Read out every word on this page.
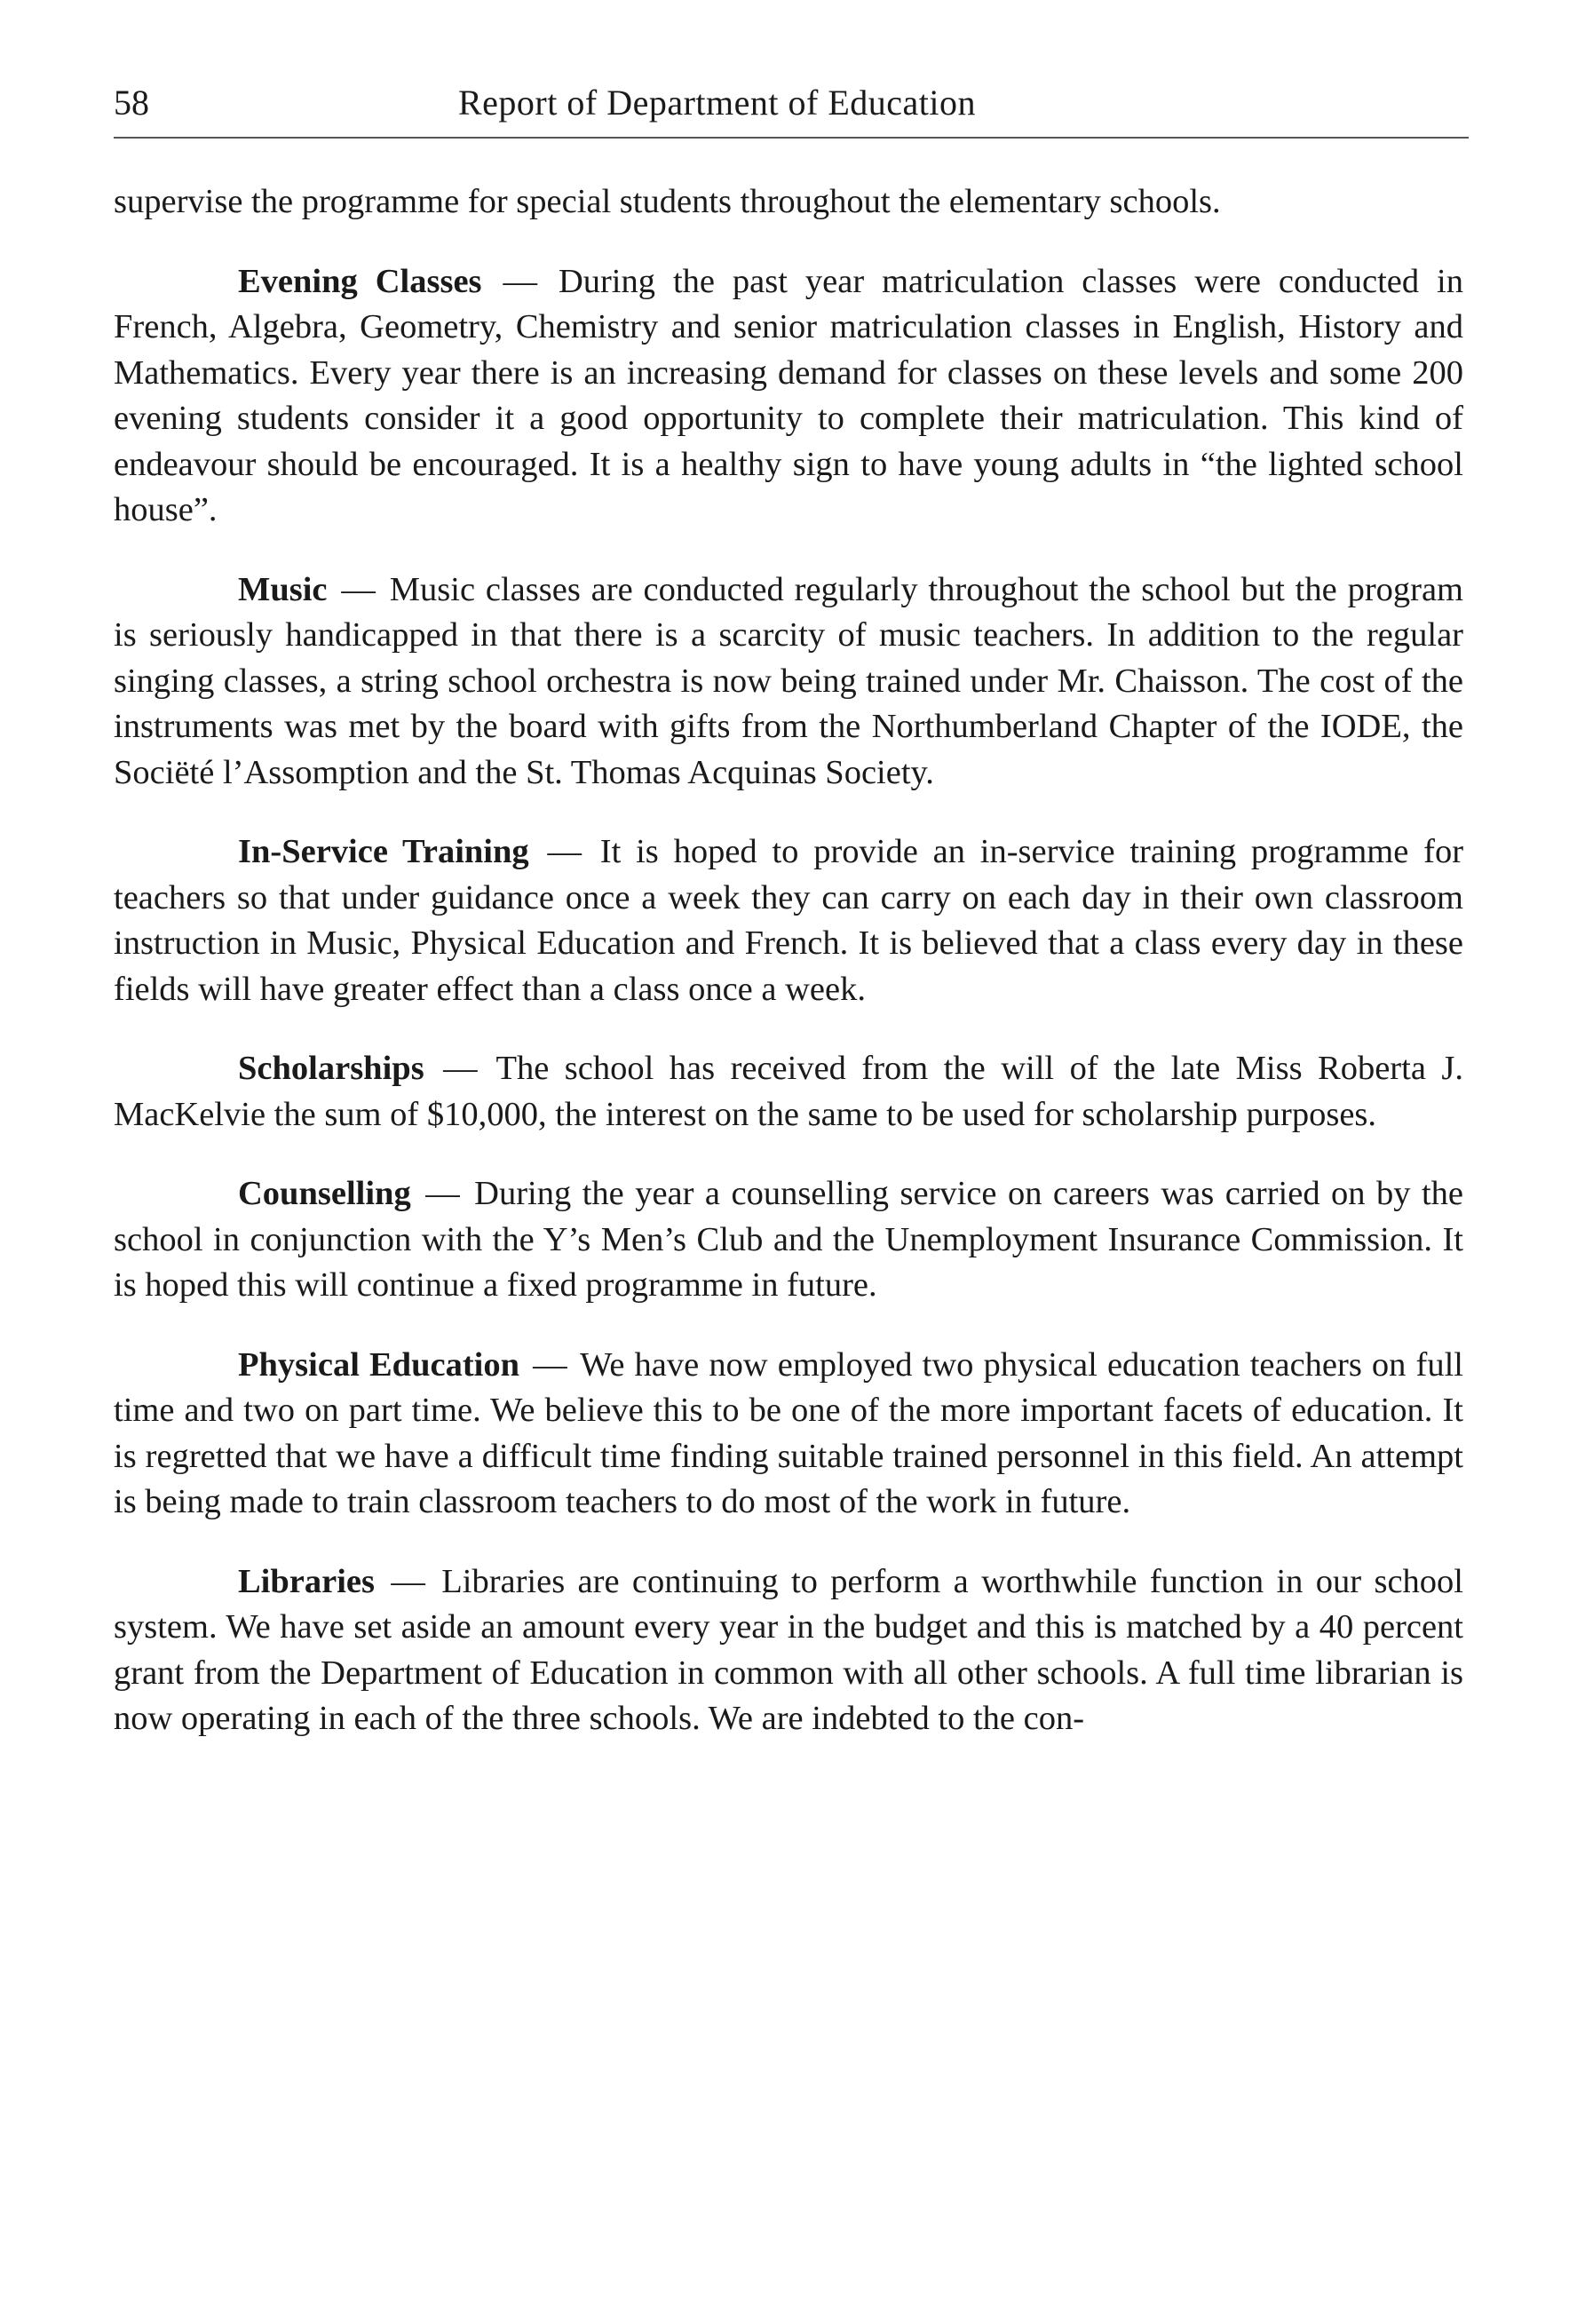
58	Report of Department of Education

supervise the programme for special students throughout the elementary schools.

Evening Classes — During the past year matriculation classes were conducted in French, Algebra, Geometry, Chemistry and senior matriculation classes in English, History and Mathematics. Every year there is an increasing demand for classes on these levels and some 200 evening students consider it a good opportunity to complete their matriculation. This kind of endeavour should be encouraged. It is a healthy sign to have young adults in “the lighted school house”.

Music — Music classes are conducted regularly throughout the school but the program is seriously handicapped in that there is a scarcity of music teachers. In addition to the regular singing classes, a string school orchestra is now being trained under Mr. Chaisson. The cost of the instruments was met by the board with gifts from the Northumberland Chapter of the IODE, the Sociëté l’Assomption and the St. Thomas Acquinas Society.

In-Service Training — It is hoped to provide an in-service training programme for teachers so that under guidance once a week they can carry on each day in their own classroom instruction in Music, Physical Education and French. It is believed that a class every day in these fields will have greater effect than a class once a week.

Scholarships — The school has received from the will of the late Miss Roberta J. MacKelvie the sum of $10,000, the interest on the same to be used for scholarship purposes.

Counselling — During the year a counselling service on careers was carried on by the school in conjunction with the Y’s Men’s Club and the Unemployment Insurance Commission. It is hoped this will continue a fixed programme in future.

Physical Education — We have now employed two physical education teachers on full time and two on part time. We believe this to be one of the more important facets of education. It is regretted that we have a difficult time finding suitable trained personnel in this field. An attempt is being made to train classroom teachers to do most of the work in future.

Libraries — Libraries are continuing to perform a worthwhile function in our school system. We have set aside an amount every year in the budget and this is matched by a 40 percent grant from the Department of Education in common with all other schools. A full time librarian is now operating in each of the three schools. We are indebted to the con-
